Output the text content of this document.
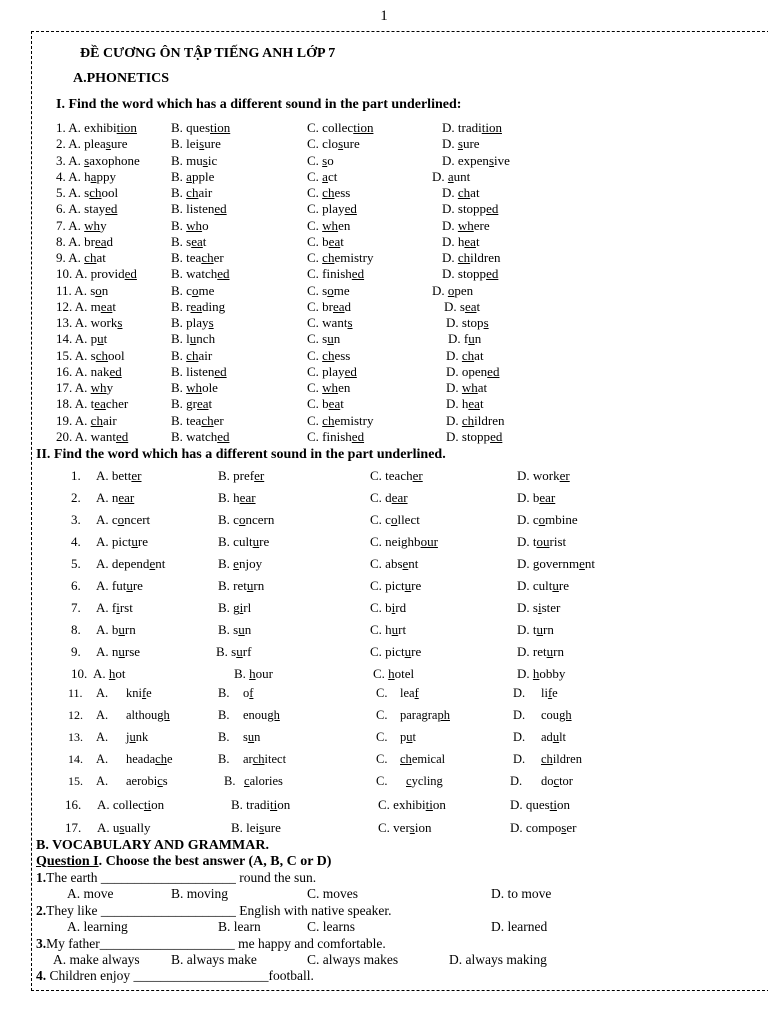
1
ĐỀ CƯƠNG ÔN TẬP TIẾNG ANH LỚP 7
A.PHONETICS
I. Find the word which has a different sound in the part underlined:
1. A. exhibition	B. question	C. collection	D. tradition
2. A. pleasure	B. leisure	C. closure	D. sure
3. A. saxophone B. music	C. so	D. expensive
4. A. happy	B. apple	C. act	D. aunt
5. A. school	B. chair	C. chess	D. chat
6. A. stayed	B. listened	C. played	D. stopped
7. A. why	B. who	C. when	D. where
8. A. bread	B. seat	C. beat	D. heat
9. A. chat	B. teacher	C. chemistry	D. children
10. A. provided	B. watched	C. finished	D. stopped
11. A. son	B. come	C. some	D. open
12. A. meat	B. reading	C. bread	D. seat
13. A. works	B. plays	C. wants	D. stops
14. A. put	B. lunch	C. sun	D. fun
15. A. school	B. chair	C. chess	D. chat
16. A. naked	B. listened	C. played	D. opened
17. A. why	B. whole	C. when	D. what
18. A. teacher	B. great	C. beat	D. heat
19. A. chair	B. teacher	C. chemistry	D. children
20. A. wanted	B. watched	C. finished	D. stopped
II. Find the word which has a different sound in the part underlined.
1. A. better	B. prefer	C. teacher	D. worker
2. A. near	B. hear	C. dear	D. bear
3. A. concert	B. concern	C. collect	D. combine
4. A. picture	B. culture	C. neighbour	D. tourist
5. A. dependent	B. enjoy	C. absent	D. government
6. A. future	B. return	C. picture	D. culture
7. A. first	B. girl	C. bird	D. sister
8. A. burn	B. sun	C. hurt	D. turn
9. A. nurse	B. surf	C. picture	D. return
10. A. hot	B. hour	C. hotel	D. hobby
11. A. knife	B. of	C. leaf	D. life
12. A. although	B. enough	C. paragraph	D. cough
13. A. junk	B. sun	C. put	D. adult
14. A. headache	B. architect	C. chemical	D. children
15. A. aerobics	B. calories	C. cycling	D. doctor
16. A. collection	B. tradition	C. exhibition	D. question
17. A. usually	B. leisure	C. version	D. composer
B. VOCABULARY AND GRAMMAR.
Question I. Choose the best answer (A, B, C or D)
1.The earth ____________________ round the sun.
A. move	B. moving	C. moves	D. to move
2.They like ____________________ English with native speaker.
A. learning	B. learn	C. learns	D. learned
3.My father____________________ me happy and comfortable.
A. make always B. always make	C. always makes	D. always making
4. Children enjoy ____________________football.
